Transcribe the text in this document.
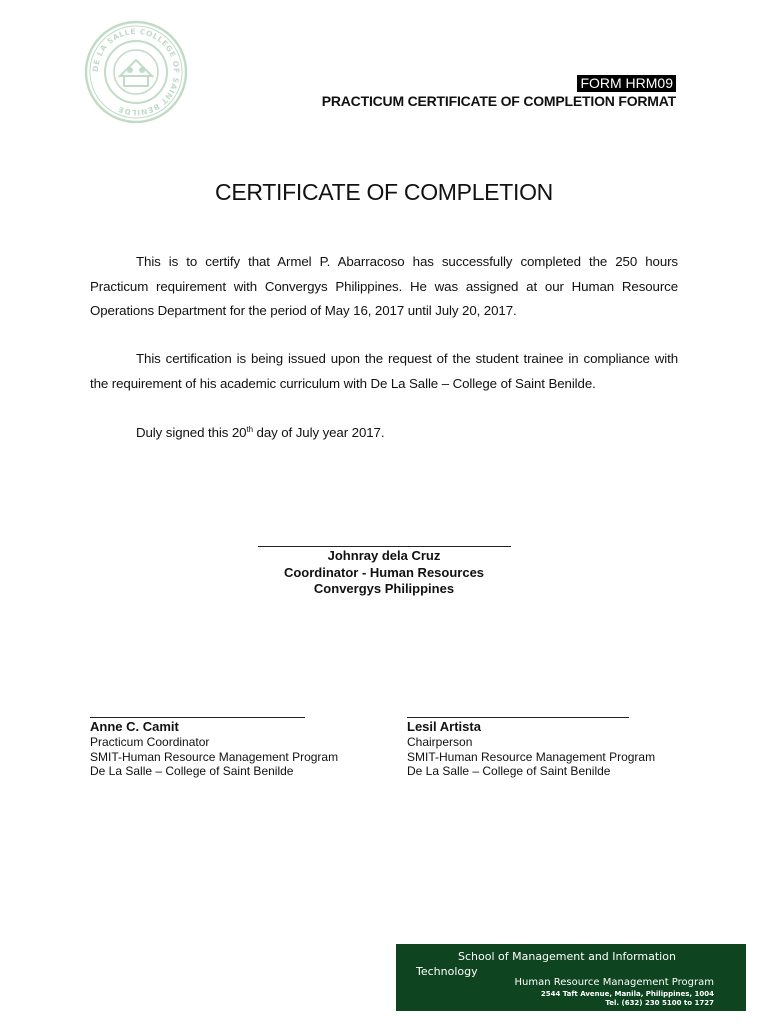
DE LA SALLE COLLEGE OF SAINT BENILDE
FORM HRM09
PRACTICUM CERTIFICATE OF COMPLETION FORMAT
CERTIFICATE OF COMPLETION
This is to certify that Armel P. Abarracoso has successfully completed the 250 hours Practicum requirement with Convergys Philippines. He was assigned at our Human Resource Operations Department for the period of May 16, 2017 until July 20, 2017.
This certification is being issued upon the request of the student trainee in compliance with the requirement of his academic curriculum with De La Salle – College of Saint Benilde.
Duly signed this 20th day of July year 2017.
Johnray dela Cruz
Coordinator - Human Resources
Convergys Philippines
Anne C. Camit
Practicum Coordinator
SMIT-Human Resource Management Program
De La Salle – College of Saint Benilde
Lesil Artista
Chairperson
SMIT-Human Resource Management Program
De La Salle – College of Saint Benilde
School of Management and Information Technology
Human Resource Management Program
2544 Taft Avenue, Manila, Philippines, 1004
Tel. (632) 230 5100 to 1727
